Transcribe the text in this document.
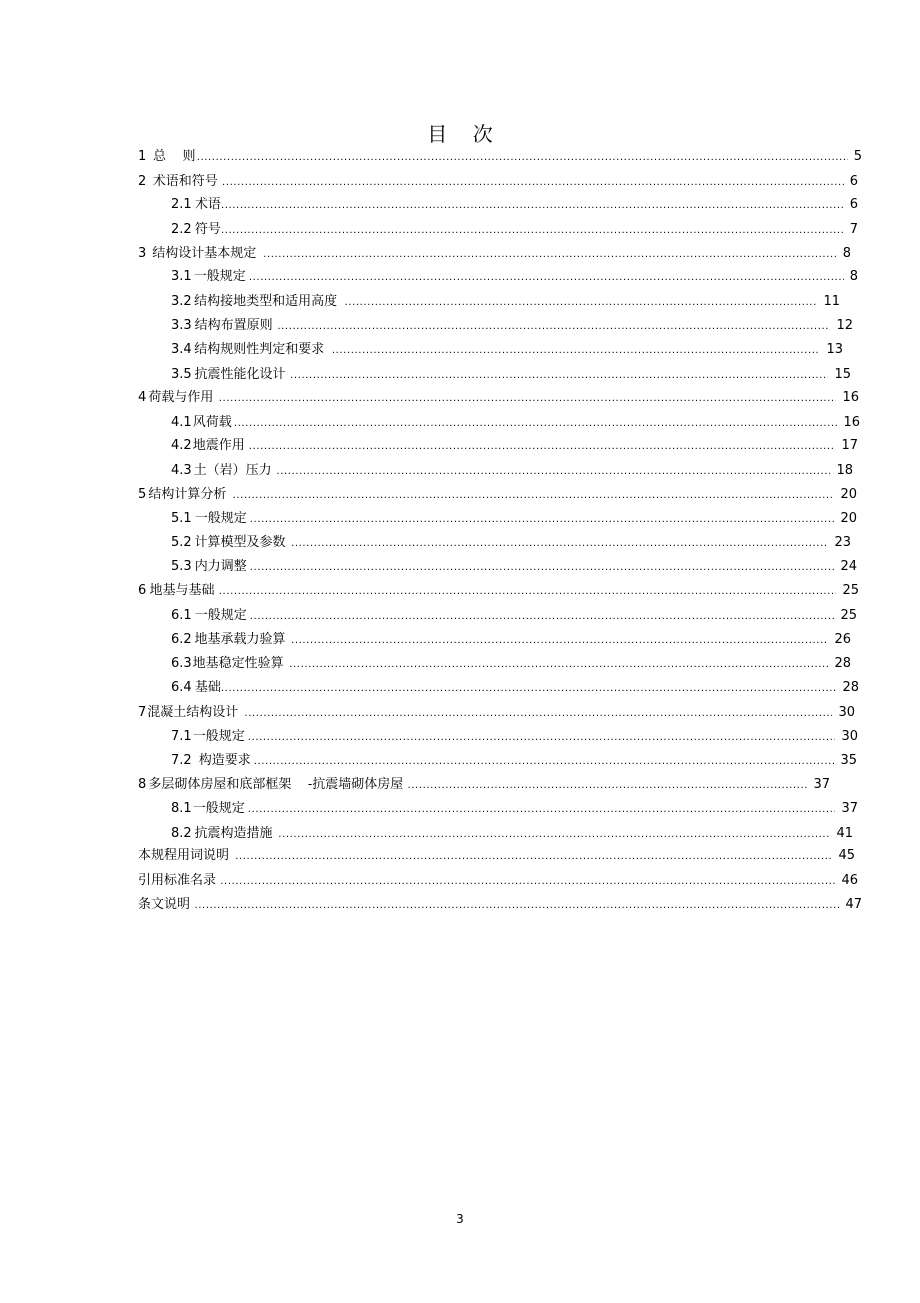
目    次
1 总    则 .....	5
2 术语和符号 .....	6
2.1 术语 .....	6
2.2 符号 .....	7
3 结构设计基本规定 .....	8
3.1 一般规定 .....	8
3.2 结构接地类型和适用高度 .....	11
3.3 结构布置原则 .....	12
3.4 结构规则性判定和要求 .....	13
3.5 抗震性能化设计 .....	15
4 荷载与作用 .....	16
4.1 风荷载 .....	16
4.2 地震作用 .....	17
4.3 土（岩）压力 .....	18
5 结构计算分析 .....	20
5.1 一般规定 .....	20
5.2 计算模型及参数 .....	23
5.3 内力调整 .....	24
6 地基与基础 .....	25
6.1 一般规定 .....	25
6.2 地基承载力验算 .....	26
6.3 地基稳定性验算 .....	28
6.4 基础 .....	28
7 混凝土结构设计 .....	30
7.1 一般规定 .....	30
7.2 构造要求 .....	35
8 多层砌体房屋和底部框架    -抗震墙砌体房屋 .....	37
8.1 一般规定 .....	37
8.2 抗震构造措施 .....	41
本规程用词说明 .....	45
引用标准名录 .....	46
条文说明 .....	47
3
